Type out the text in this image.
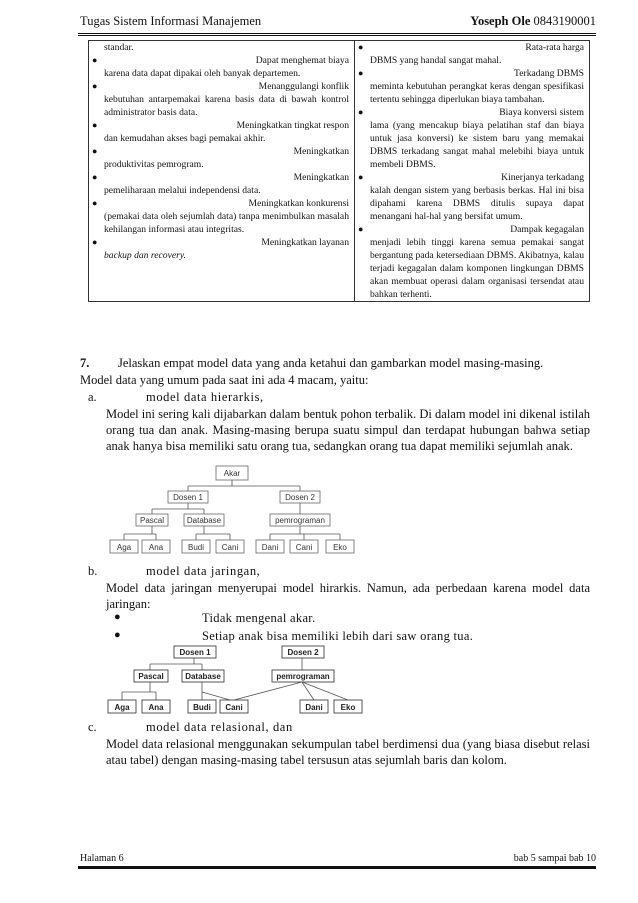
Tugas Sistem Informasi Manajemen	Yoseph Ole 0843190001
standar.
●	Dapat menghemat biaya
karena data dapat dipakai oleh banyak departemen.
●	Menanggulangi konflik
kebutuhan antarpemakai karena basis data di bawah kontrol administrator basis data.
●	Meningkatkan tingkat respon
dan kemudahan akses bagi pemakai akhir.
●	Meningkatkan
produktivitas pemrogram.
●	Meningkatkan
pemeliharaan melalui independensi data.
●	Meningkatkan konkurensi
(pemakai data oleh sejumlah data) tanpa menimbulkan masalah kehilangan informasi atau integritas.
●	Meningkatkan layanan
backup dan recovery.

●	Rata-rata harga
DBMS yang handal sangat mahal.
●	Terkadang DBMS
meminta kebutuhan perangkat keras dengan spesifikasi tertentu sehingga diperlukan biaya tambahan.
●	Biaya konversi sistem
lama (yang mencakup biaya pelatihan staf dan biaya untuk jasa konversi) ke sistem baru yang memakai DBMS terkadang sangat mahal melebihi biaya untuk membeli DBMS.
●	Kinerjanya terkadang
kalah dengan sistem yang berbasis berkas. Hal ini bisa dipahami karena DBMS ditulis supaya dapat menangani hal-hal yang bersifat umum.
●	Dampak kegagalan
menjadi lebih tinggi karena semua pemakai sangat bergantung pada ketersediaan DBMS. Akibatnya, kalau terjadi kegagalan dalam komponen lingkungan DBMS akan membuat operasi dalam organisasi tersendat atau bahkan terhenti.
7. Jelaskan empat model data yang anda ketahui dan gambarkan model masing-masing.
Model data yang umum pada saat ini ada 4 macam, yaitu:
a.	model data hierarkis,
Model ini sering kali dijabarkan dalam bentuk pohon terbalik. Di dalam model ini dikenal istilah orang tua dan anak. Masing-masing berupa suatu simpul dan terdapat hubungan bahwa setiap anak hanya bisa memiliki satu orang tua, sedangkan orang tua dapat memiliki sejumlah anak.
Akar
Dosen 1	Dosen 2
Pascal	Database	pemrograman
Aga Ana	Budi Cani	Dani Cani	Eko
b.	model data jaringan,
Model data jaringan menyerupai model hirarkis. Namun, ada perbedaan karena model data jaringan:
●	Tidak mengenal akar.
●	Setiap anak bisa memiliki lebih dari saw orang tua.
Dosen 1	Dosen 2
Pascal	Database	pemrograman
Aga Ana	Budi Cani	Dani Eko
c.	model data relasional, dan
Model data relasional menggunakan sekumpulan tabel berdimensi dua (yang biasa disebut relasi atau tabel) dengan masing-masing tabel tersusun atas sejumlah baris dan kolom.
Halaman 6	bab 5 sampai bab 10
